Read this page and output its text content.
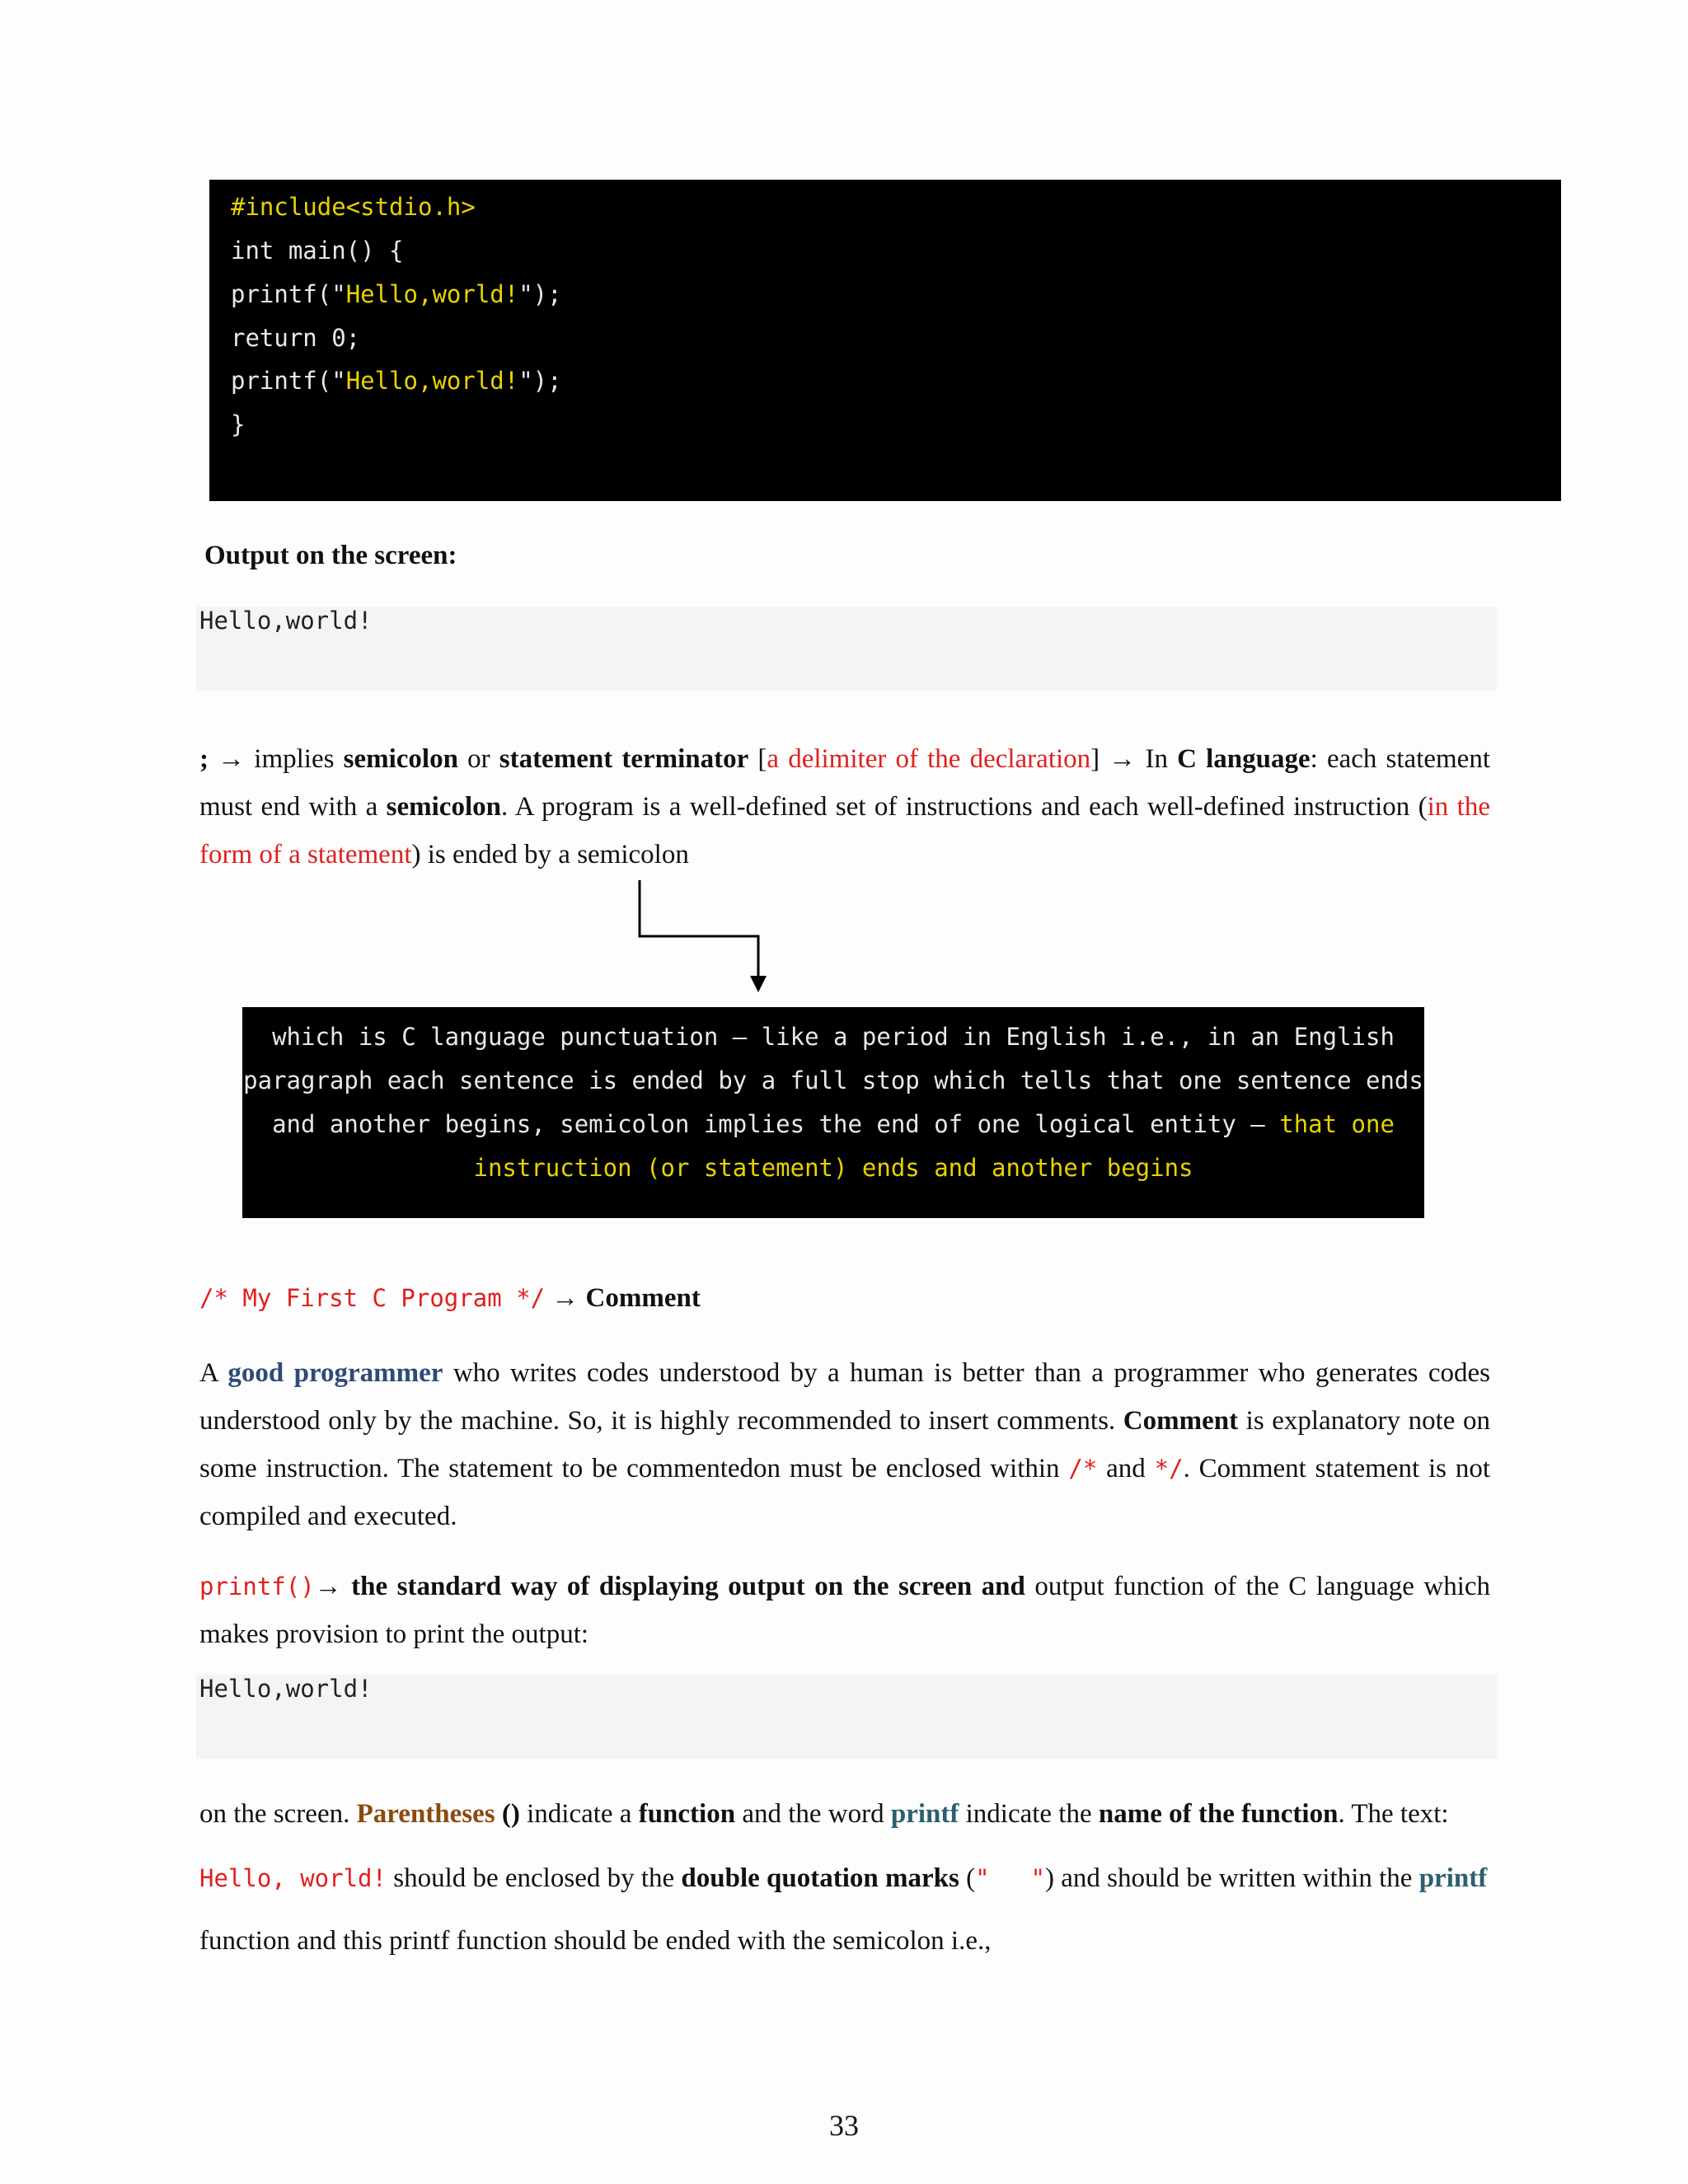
#include<stdio.h>
int main() {
printf("Hello,world!");
return 0;
printf("Hello,world!");
}
Output on the screen:
Hello,world!
; → implies semicolon or statement terminator [a delimiter of the declaration] → In C language: each statement must end with a semicolon. A program is a well-defined set of instructions and each well-defined instruction (in the form of a statement) is ended by a semicolon
which is C language punctuation – like a period in English i.e., in an English
paragraph each sentence is ended by a full stop which tells that one sentence ends
and another begins, semicolon implies the end of one logical entity – that one
instruction (or statement) ends and another begins
/* My First C Program */ → Comment
A good programmer who writes codes understood by a human is better than a programmer who generates codes understood only by the machine. So, it is highly recommended to insert comments. Comment is explanatory note on some instruction. The statement to be commentedon must be enclosed within /* and */. Comment statement is not compiled and executed.
printf()→ the standard way of displaying output on the screen and output function of the C language which makes provision to print the output:
Hello,world!
on the screen. Parentheses () indicate a function and the word printf indicate the name of the function. The text:
Hello, world! should be enclosed by the double quotation marks (" ") and should be written within the printf
function and this printf function should be ended with the semicolon i.e.,
33
